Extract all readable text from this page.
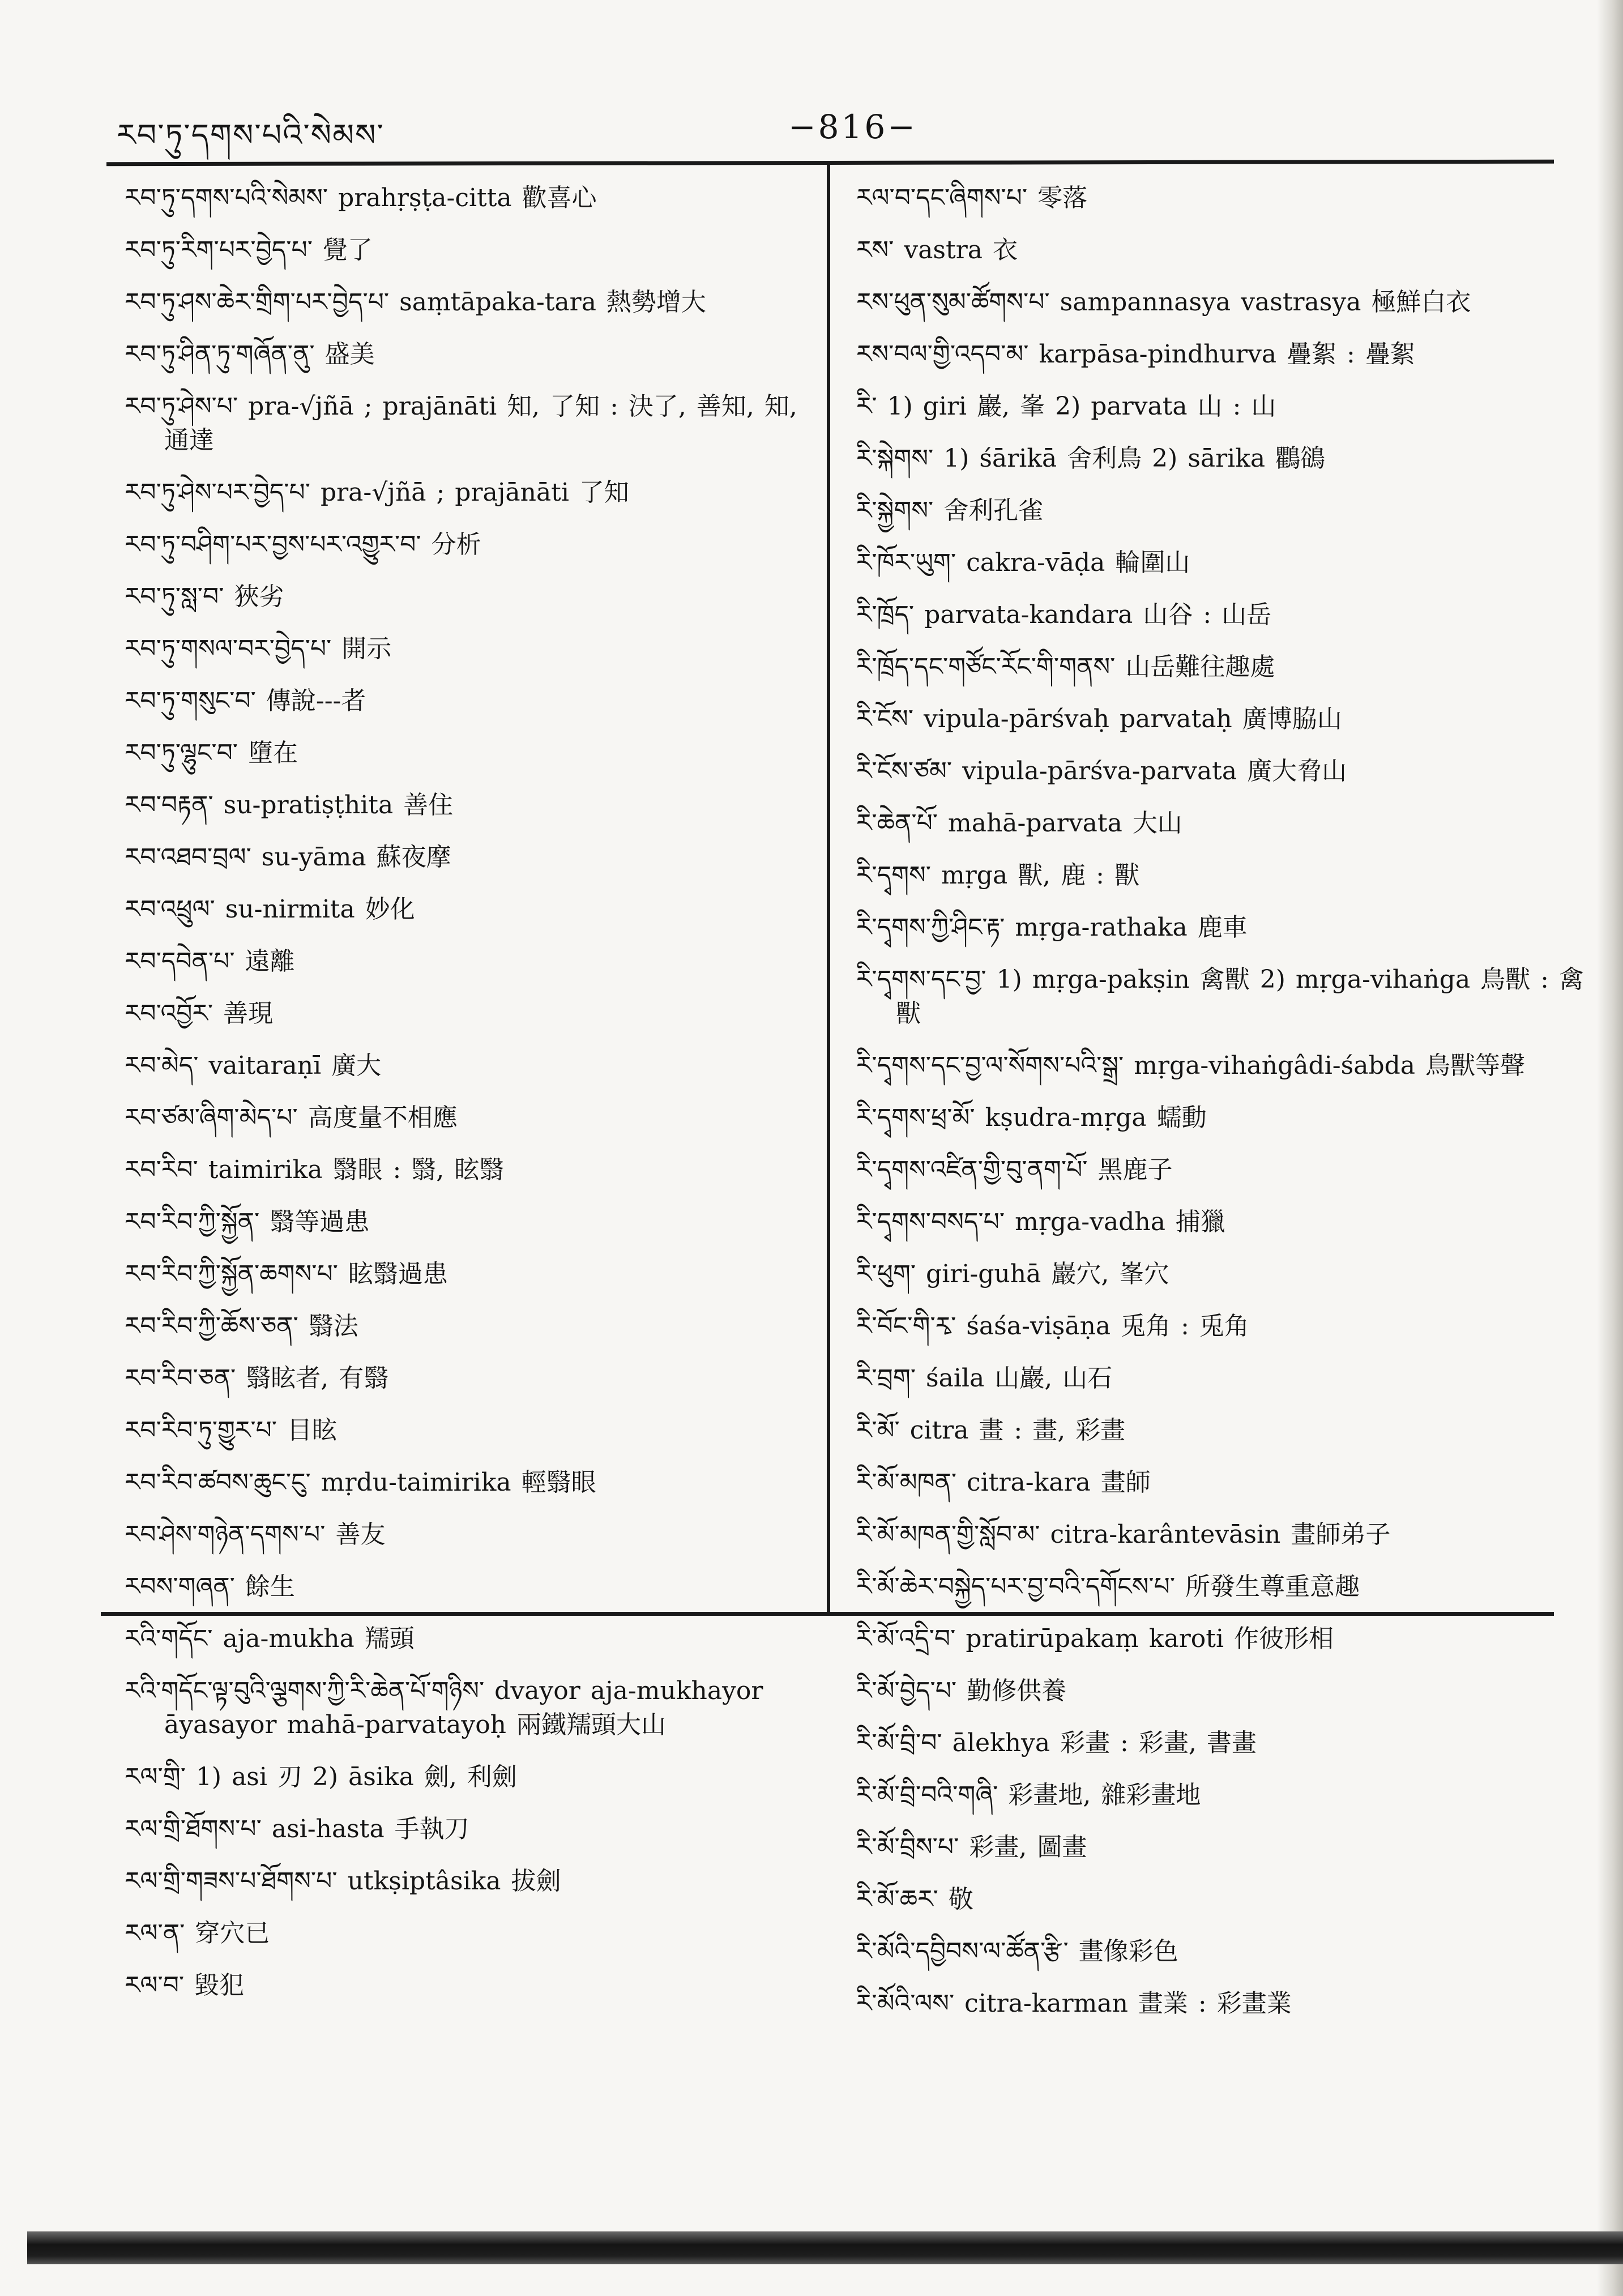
རབ་ཏུ་དགས་པའི་སེམས་	−816−
རབ་ཏུ་དགས་པའི་སེམས་ prahṛṣṭa-citta 歡喜心
རབ་ཏུ་རིག་པར་བྱེད་པ་ 覺了
རབ་ཏུ་ཤས་ཆེར་གྲིག་པར་བྱེད་པ་ saṃtāpaka-tara 熱勢增大
རབ་ཏུ་ཤིན་ཏུ་གཞོན་ནུ་ 盛美
རབ་ཏུ་ཤེས་པ་ pra-√jñā ; prajānāti 知, 了知 : 決了, 善知, 知, 通達
རབ་ཏུ་ཤེས་པར་བྱེད་པ་ pra-√jñā ; prajānāti 了知
རབ་ཏུ་བཤིག་པར་བྱས་པར་འགྱུར་བ་ 分析
རབ་ཏུ་སླ་བ་ 狹劣
རབ་ཏུ་གསལ་བར་བྱེད་པ་ 開示
རབ་ཏུ་གསུང་བ་ 傳說---者
རབ་ཏུ་ལྷུང་བ་ 墮在
རབ་བརྟན་ su-pratiṣṭhita 善住
རབ་འཐབ་བྲལ་ su-yāma 蘇夜摩
རབ་འཕྲུལ་ su-nirmita 妙化
རབ་དབེན་པ་ 遠離
རབ་འབྱོར་ 善現
རབ་མེད་ vaitaraṇī 廣大
རབ་ཙམ་ཞིག་མེད་པ་ 高度量不相應
རབ་རིབ་ taimirika 翳眼 : 翳, 眩翳
རབ་རིབ་ཀྱི་སྐྱོན་ 翳等過患
རབ་རིབ་ཀྱི་སྐྱོན་ཆགས་པ་ 眩翳過患
རབ་རིབ་ཀྱི་ཆོས་ཅན་ 翳法
རབ་རིབ་ཅན་ 翳眩者, 有翳
རབ་རིབ་ཏུ་གྱུར་པ་ 目眩
རབ་རིབ་ཚབས་ཆུང་ངུ་ mṛdu-taimirika 輕翳眼
རབ་ཤེས་གཉེན་དགས་པ་ 善友
རབས་གཞན་ 餘生
རའི་གདོང་ aja-mukha 羺頭
རའི་གདོང་ལྟ་བུའི་ལྕགས་ཀྱི་རི་ཆེན་པོ་གཉིས་ dvayor aja-mukhayor āyasayor mahā-parvatayoḥ 兩鐵羺頭大山
རལ་གྲི་ 1) asi 刃 2) āsika 劍, 利劍
རལ་གྲི་ཐོགས་པ་ asi-hasta 手執刀
རལ་གྲི་གཟས་པ་ཐོགས་པ་ utkṣiptâsika 拔劍
རལ་ན་ 穿穴已
རལ་བ་ 毀犯
རལ་བ་དང་ཞིགས་པ་ 零落
རས་ vastra 衣
རས་ཕུན་སུམ་ཚོགས་པ་ sampannasya vastrasya 極鮮白衣
རས་བལ་གྱི་འདབ་མ་ karpāsa-pindhurva 疊絮 : 疊絮
རི་ 1) giri 巖, 峯 2) parvata 山 : 山
རི་སྐེགས་ 1) śārikā 舍利鳥 2) sārika 鸜鵒
རི་སྐྱེགས་ 舍利孔雀
རི་ཁོར་ཡུག་ cakra-vāḍa 輪圍山
རི་ཁྲོད་ parvata-kandara 山谷 : 山岳
རི་ཁྲོད་དང་གཙོང་རོང་གི་གནས་ 山岳難往趣處
རི་ངོས་ vipula-pārśvaḥ parvataḥ 廣博脇山
རི་ངོས་ཙམ་ vipula-pārśva-parvata 廣大脅山
རི་ཆེན་པོ་ mahā-parvata 大山
རི་དྭགས་ mṛga 獸, 鹿 : 獸
རི་དྭགས་ཀྱི་ཤིང་རྟ་ mṛga-rathaka 鹿車
རི་དྭགས་དང་བྱ་ 1) mṛga-pakṣin 禽獸 2) mṛga-vihaṅga 鳥獸 : 禽獸
རི་དྭགས་དང་བྱ་ལ་སོགས་པའི་སྒྲ་ mṛga-vihaṅgâdi-śabda 鳥獸等聲
རི་དྭགས་ཕྲ་མོ་ kṣudra-mṛga 蠕動
རི་དྭགས་འཛིན་གྱི་བུ་ནག་པོ་ 黑鹿子
རི་དྭགས་བསད་པ་ mṛga-vadha 捕獵
རི་ཕུག་ giri-guhā 巖穴, 峯穴
རི་བོང་གི་རྭ་ śaśa-viṣāṇa 兎角 : 兎角
རི་བྲག་ śaila 山巖, 山石
རི་མོ་ citra 畫 : 畫, 彩畫
རི་མོ་མཁན་ citra-kara 畫師
རི་མོ་མཁན་གྱི་སློབ་མ་ citra-karântevāsin 畫師弟子
རི་མོ་ཆེར་བསྐྱེད་པར་བྱ་བའི་དགོངས་པ་ 所發生尊重意趣
རི་མོ་འདྲི་བ་ pratirūpakaṃ karoti 作彼形相
རི་མོ་བྱེད་པ་ 勤修供養
རི་མོ་བྲི་བ་ ālekhya 彩畫 : 彩畫, 書畫
རི་མོ་བྲི་བའི་གཞི་ 彩畫地, 雜彩畫地
རི་མོ་བྲིས་པ་ 彩畫, 圖畫
རི་མོ་ཆར་ 敬
རི་མོའི་དབྱིབས་ལ་ཚོན་རྩི་ 畫像彩色
རི་མོའི་ལས་ citra-karman 畫業 : 彩畫業
